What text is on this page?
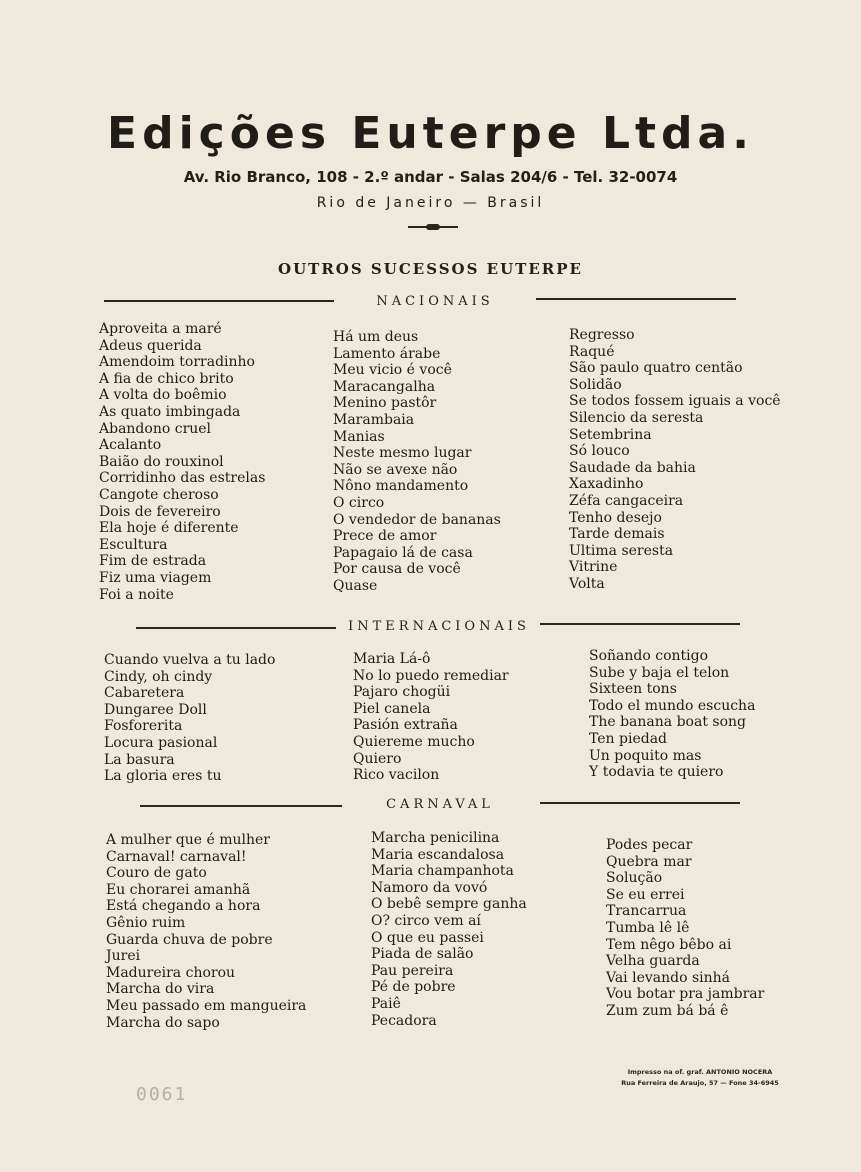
Edições Euterpe Ltda.
Av. Rio Branco, 108 - 2.º andar - Salas 204/6 - Tel. 32-0074
Rio de Janeiro — Brasil
OUTROS SUCESSOS EUTERPE
NACIONAIS
Aproveita a maré
Adeus querida
Amendoim torradinho
A fia de chico brito
A volta do boêmio
As quato imbingada
Abandono cruel
Acalanto
Baião do rouxinol
Corridinho das estrelas
Cangote cheroso
Dois de fevereiro
Ela hoje é diferente
Escultura
Fim de estrada
Fiz uma viagem
Foi a noite
Há um deus
Lamento árabe
Meu vicio é você
Maracangalha
Menino pastôr
Marambaia
Manias
Neste mesmo lugar
Não se avexe não
Nôno mandamento
O circo
O vendedor de bananas
Prece de amor
Papagaio lá de casa
Por causa de você
Quase
Regresso
Raqué
São paulo quatro centão
Solidão
Se todos fossem iguais a você
Silencio da seresta
Setembrina
Só louco
Saudade da bahia
Xaxadinho
Zéfa cangaceira
Tenho desejo
Tarde demais
Ultima seresta
Vitrine
Volta
INTERNACIONAIS
Cuando vuelva a tu lado
Cindy, oh cindy
Cabaretera
Dungaree Doll
Fosforerita
Locura pasional
La basura
La gloria eres tu
Maria Lá-ô
No lo puedo remediar
Pajaro chogüi
Piel canela
Pasión extraña
Quiereme mucho
Quiero
Rico vacilon
Soñando contigo
Sube y baja el telon
Sixteen tons
Todo el mundo escucha
The banana boat song
Ten piedad
Un poquito mas
Y todavia te quiero
CARNAVAL
A mulher que é mulher
Carnaval! carnaval!
Couro de gato
Eu chorarei amanhã
Está chegando a hora
Gênio ruim
Guarda chuva de pobre
Jurei
Madureira chorou
Marcha do vira
Meu passado em mangueira
Marcha do sapo
Marcha penicilina
Maria escandalosa
Maria champanhota
Namoro da vovó
O bebê sempre ganha
O? circo vem aí
O que eu passei
Piada de salão
Pau pereira
Pé de pobre
Paiê
Pecadora
Podes pecar
Quebra mar
Solução
Se eu errei
Trancarrua
Tumba lê lê
Tem nêgo bêbo ai
Velha guarda
Vai levando sinhá
Vou botar pra jambrar
Zum zum bá bá ê
Impresso na of. graf. ANTONIO NOCERA
Rua Ferreira de Araujo, 57 — Fone 34-6945
0061
